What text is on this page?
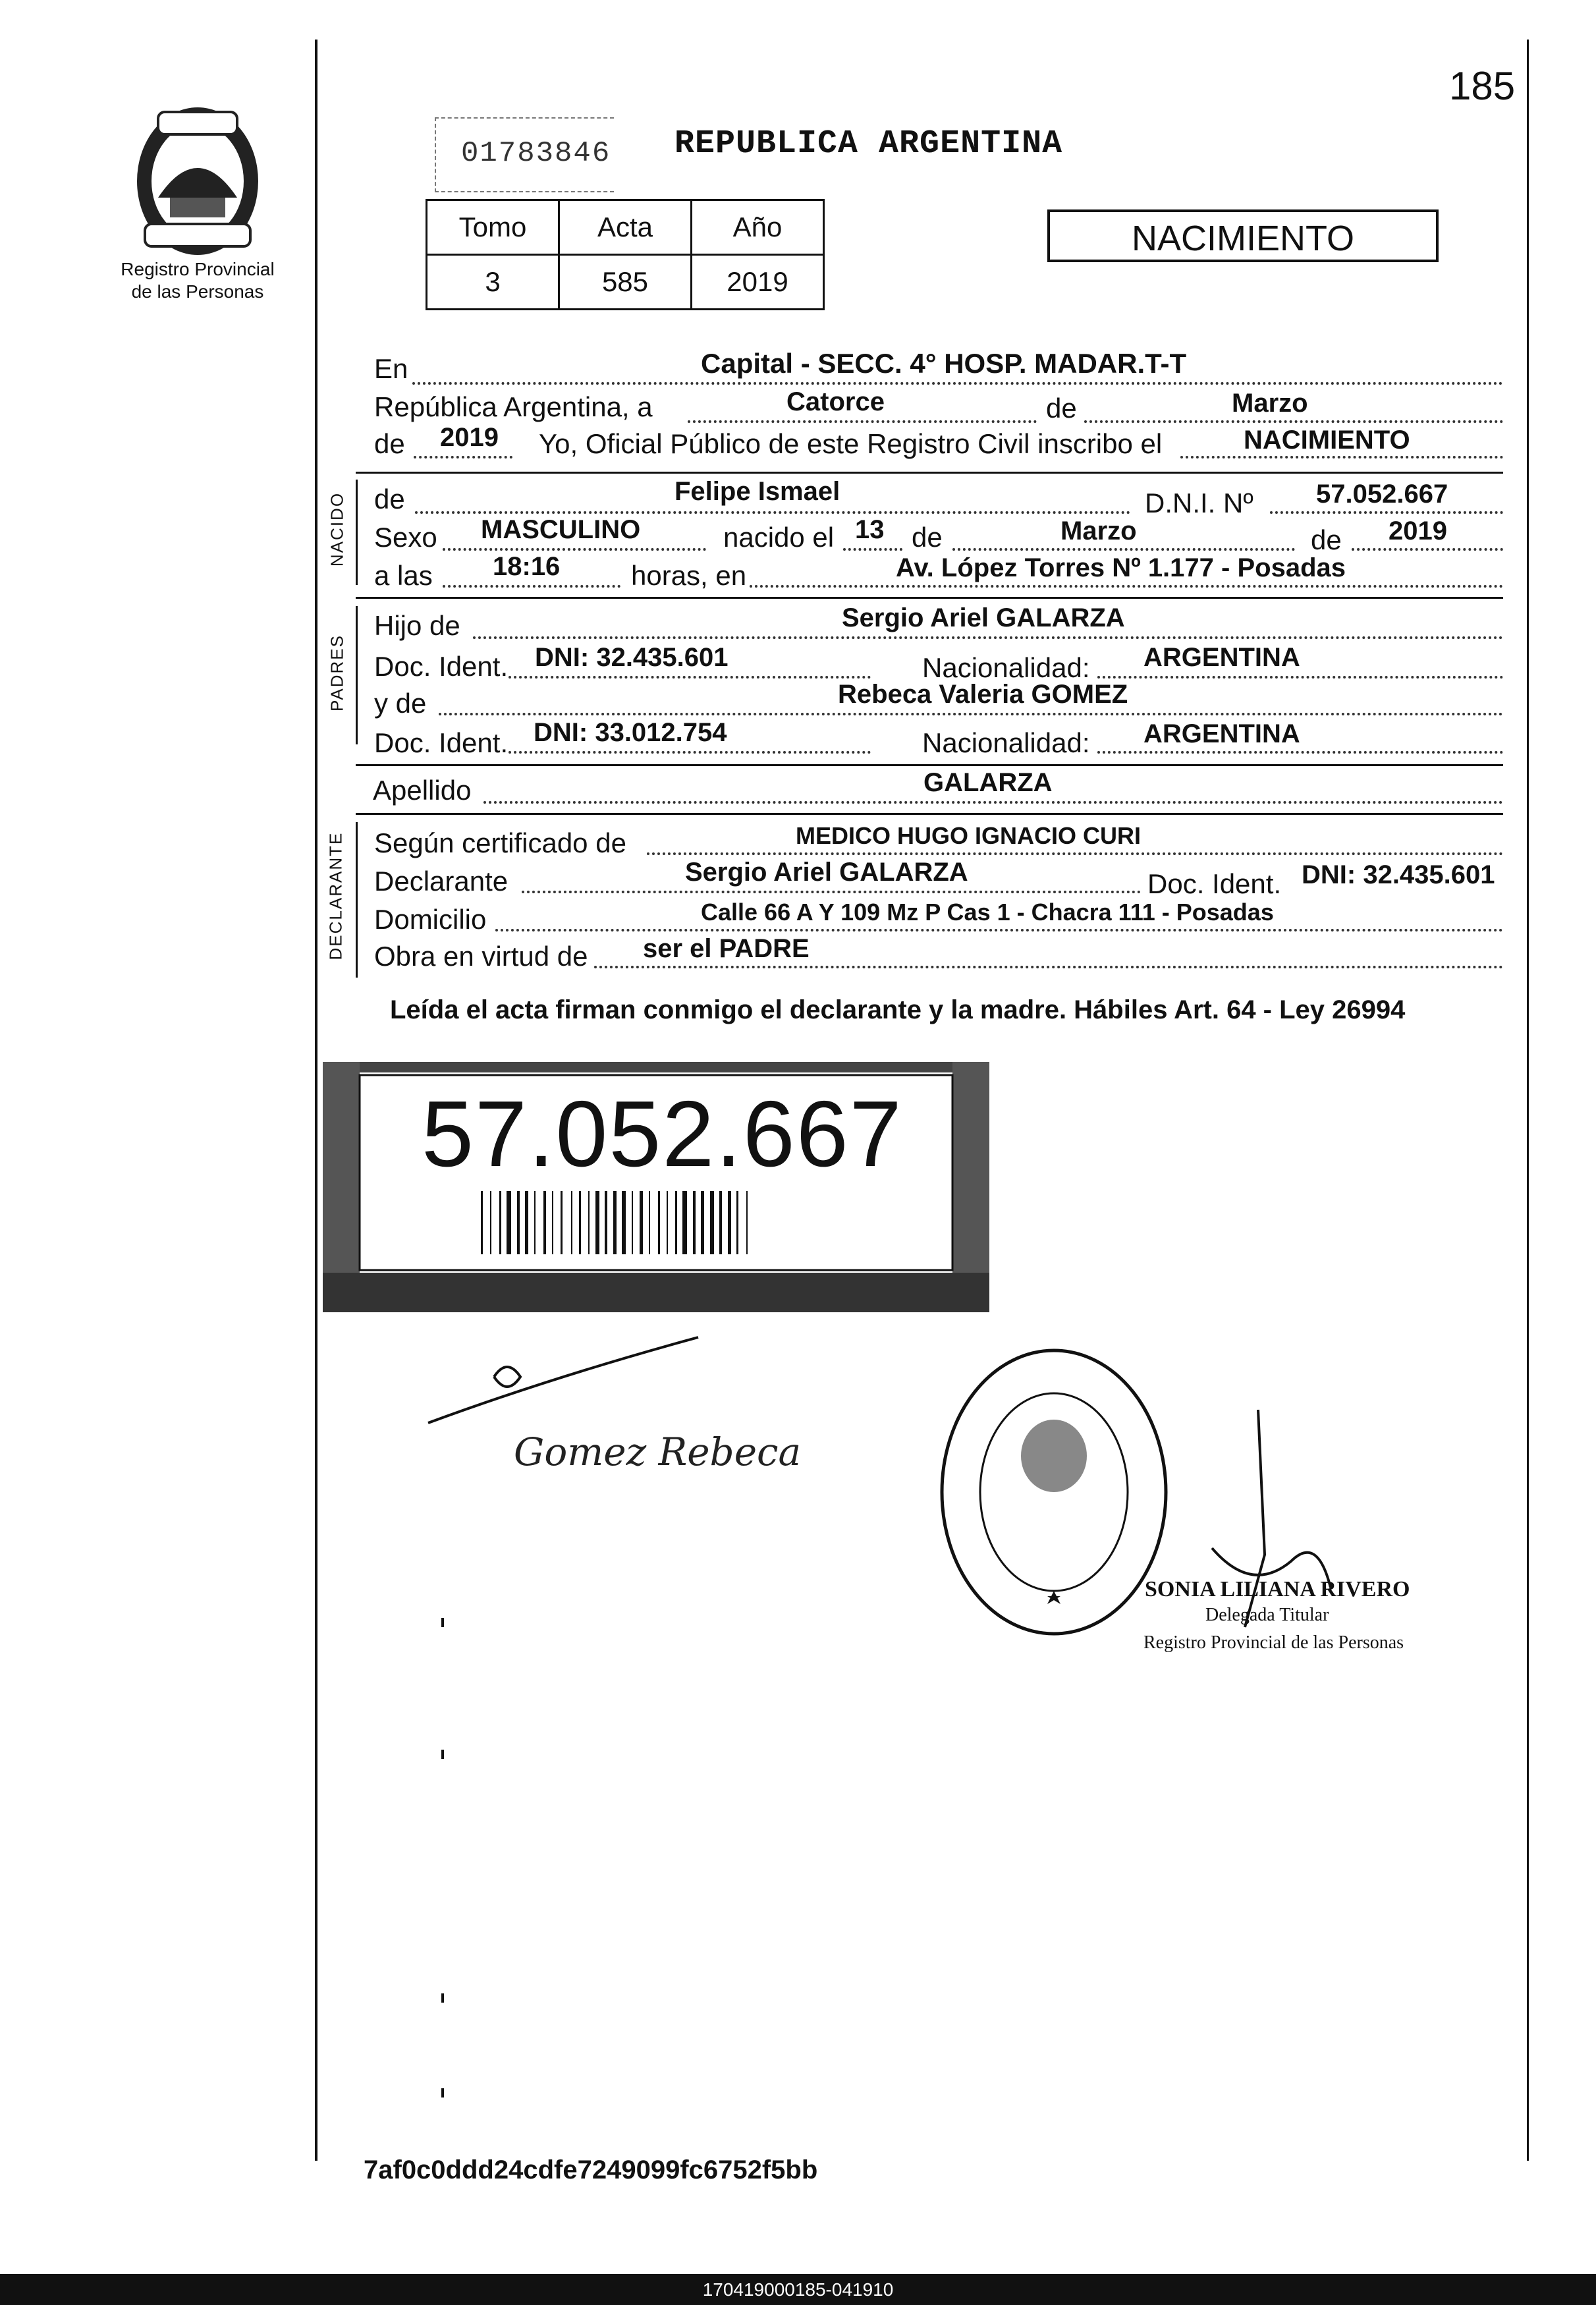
185
Registro Provincial
de las Personas
01783846 REPUBLICA ARGENTINA
Tomo	Acta	Año
3	585	2019
NACIMIENTO
En	Capital - SECC. 4° HOSP. MADAR.T-T
República Argentina, a	Catorce	de	Marzo
de 2019 Yo, Oficial Público de este Registro Civil inscribo el	NACIMIENTO
NACIDO de	Felipe Ismael	D.N.I. Nº 57.052.667
Sexo MASCULINO	nacido el 13 de	Marzo	de 2019
a las 18:16	horas, en	Av. López Torres Nº 1.177 - Posadas
PADRES
Hijo de	Sergio Ariel GALARZA
Doc. Ident. DNI: 32.435.601	Nacionalidad: ARGENTINA
y de	Rebeca Valeria GOMEZ
Doc. Ident. DNI: 33.012.754	Nacionalidad: ARGENTINA
Apellido	GALARZA
DECLARANTE Según certificado de	MEDICO HUGO IGNACIO CURI
Declarante	Sergio Ariel GALARZA	Doc. Ident. DNI: 32.435.601
Domicilio	Calle 66 A Y 109 Mz P Cas 1 - Chacra 111 - Posadas
Obra en virtud de ser el PADRE
Leída el acta firman conmigo el declarante y la madre. Hábiles Art. 64 - Ley 26994
57.052.667
Gomez Rebeca
SONIA LILIANA RIVERO
Delegada Titular
Registro Provincial de las Personas
7af0c0ddd24cdfe7249099fc6752f5bb
170419000185-041910
